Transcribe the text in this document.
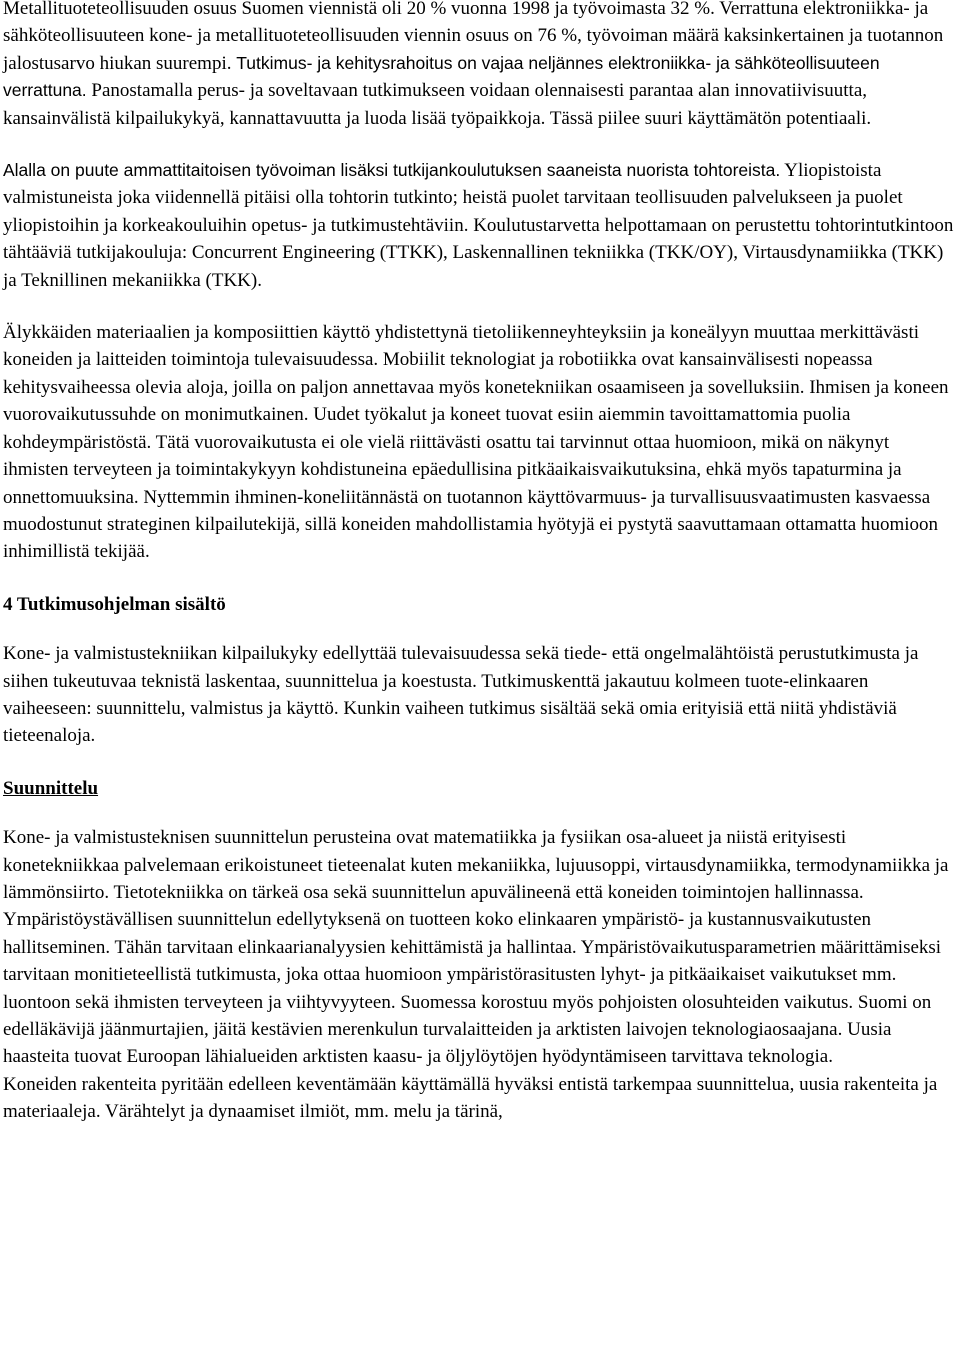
Metallituoteteollisuuden osuus Suomen viennistä oli 20 % vuonna 1998 ja työvoimasta 32 %. Verrattuna elektroniikka- ja sähköteollisuuteen kone- ja metallituoteteollisuuden viennin osuus on 76 %, työvoiman määrä kaksinkertainen ja tuotannon jalostusarvo hiukan suurempi. Tutkimus- ja kehitysrahoitus on vajaa neljännes elektroniikka- ja sähköteollisuuteen verrattuna. Panostamalla perus- ja soveltavaan tutkimukseen voidaan olennaisesti parantaa alan innovatiivisuutta, kansainvälistä kilpailukykyä, kannattavuutta ja luoda lisää työpaikkoja. Tässä piilee suuri käyttämätön potentiaali.

Alalla on puute ammattitaitoisen työvoiman lisäksi tutkijankoulutuksen saaneista nuorista tohtoreista. Yliopistoista valmistuneista joka viidennellä pitäisi olla tohtorin tutkinto; heistä puolet tarvitaan teollisuuden palvelukseen ja puolet yliopistoihin ja korkeakouluihin opetus- ja tutkimustehtäviin. Koulutustarvetta helpottamaan on perustettu tohtorintutkintoon tähtääviä tutkijakouluja: Concurrent Engineering (TTKK), Laskennallinen tekniikka (TKK/OY), Virtausdynamiikka (TKK) ja Teknillinen mekaniikka (TKK).

Älykkäiden materiaalien ja komposiittien käyttö yhdistettynä tietoliikenneyhteyksiin ja koneälyyn muuttaa merkittävästi koneiden ja laitteiden toimintoja tulevaisuudessa. Mobiilit teknologiat ja robotiikka ovat kansainvälisesti nopeassa kehitysvaiheessa olevia aloja, joilla on paljon annettavaa myös konetekniikan osaamiseen ja sovelluksiin. Ihmisen ja koneen vuorovaikutussuhde on monimutkainen. Uudet työkalut ja koneet tuovat esiin aiemmin tavoittamattomia puolia kohdeympäristöstä. Tätä vuorovaikutusta ei ole vielä riittävästi osattu tai tarvinnut ottaa huomioon, mikä on näkynyt ihmisten terveyteen ja toimintakykyyn kohdistuneina epäedullisina pitkäaikaisvaikutuksina, ehkä myös tapaturmina ja onnettomuuksina. Nyttemmin ihminen-koneliitännästä on tuotannon käyttövarmuus- ja turvallisuusvaatimusten kasvaessa muodostunut strateginen kilpailutekijä, sillä koneiden mahdollistamia hyötyjä ei pystytä saavuttamaan ottamatta huomioon inhimillistä tekijää.

4 Tutkimusohjelman sisältö

Kone- ja valmistustekniikan kilpailukyky edellyttää tulevaisuudessa sekä tiede- että ongelmalähtöistä perustutkimusta ja siihen tukeutuvaa teknistä laskentaa, suunnittelua ja koestusta. Tutkimuskenttä jakautuu kolmeen tuote-elinkaaren vaiheeseen: suunnittelu, valmistus ja käyttö. Kunkin vaiheen tutkimus sisältää sekä omia erityisiä että niitä yhdistäviä tieteenaloja.

Suunnittelu

Kone- ja valmistusteknisen suunnittelun perusteina ovat matematiikka ja fysiikan osa-alueet ja niistä erityisesti konetekniikkaa palvelemaan erikoistuneet tieteenalat kuten mekaniikka, lujuusoppi, virtausdynamiikka, termodynamiikka ja lämmönsiirto. Tietotekniikka on tärkeä osa sekä suunnittelun apuvälineenä että koneiden toimintojen hallinnassa.

Ympäristöystävällisen suunnittelun edellytyksenä on tuotteen koko elinkaaren ympäristö- ja kustannusvaikutusten hallitseminen. Tähän tarvitaan elinkaarianalyysien kehittämistä ja hallintaa. Ympäristövaikutusparametrien määrittämiseksi tarvitaan monitieteellistä tutkimusta, joka ottaa huomioon ympäristörasitusten lyhyt- ja pitkäaikaiset vaikutukset mm. luontoon sekä ihmisten terveyteen ja viihtyvyyteen. Suomessa korostuu myös pohjoisten olosuhteiden vaikutus. Suomi on edelläkävijä jäänmurtajien, jäitä kestävien merenkulun turvalaitteiden ja arktisten laivojen teknologiaosaajana. Uusia haasteita tuovat Euroopan lähialueiden arktisten kaasu- ja öljylöytöjen hyödyntämiseen tarvittava teknologia.

Koneiden rakenteita pyritään edelleen keventämään käyttämällä hyväksi entistä tarkempaa suunnittelua, uusia rakenteita ja materiaaleja. Värähtelyt ja dynaamiset ilmiöt, mm. melu ja tärinä,
